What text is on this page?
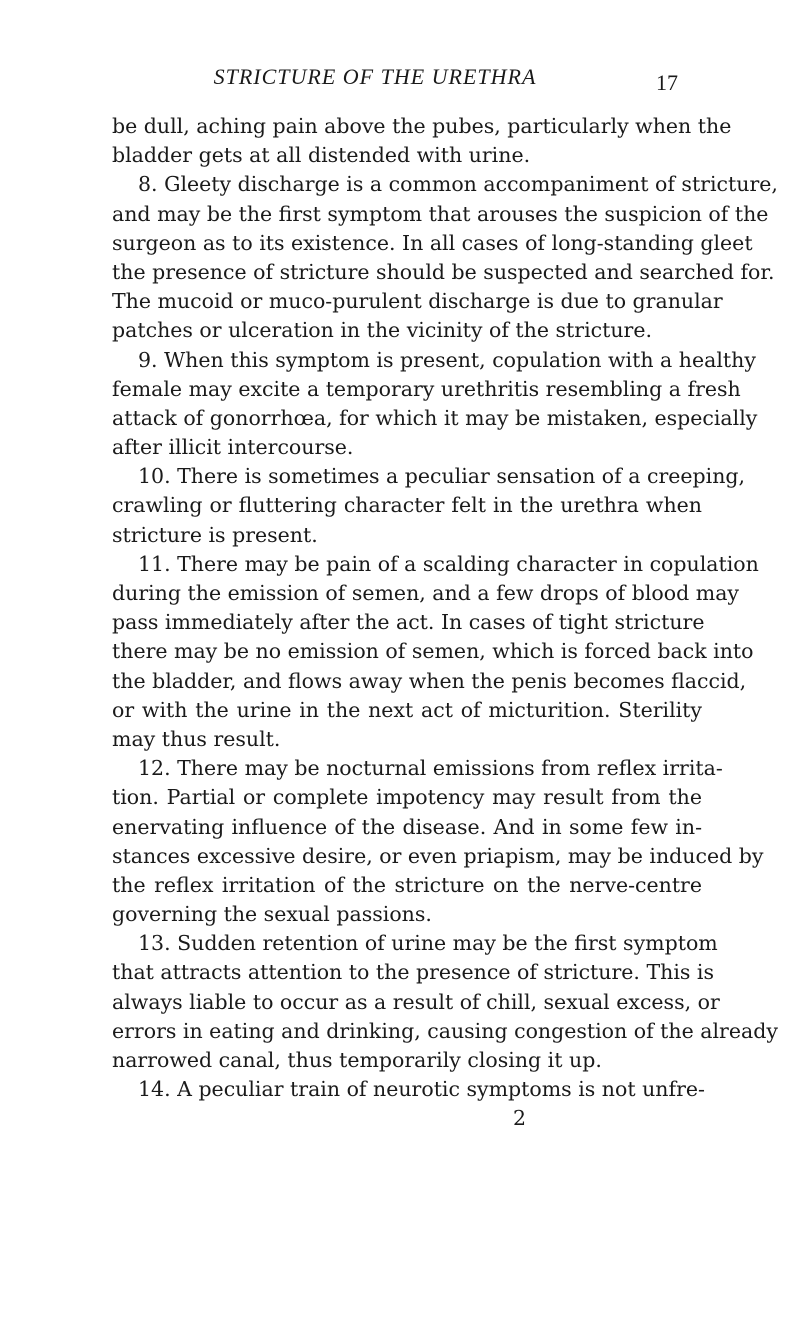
STRICTURE OF THE URETHRA	17
be dull, aching pain above the pubes, particularly when the
bladder gets at all distended with urine.
8. Gleety discharge is a common accompaniment of stricture,
and may be the first symptom that arouses the suspicion of the
surgeon as to its existence. In all cases of long-standing gleet
the presence of stricture should be suspected and searched for.
The mucoid or muco-purulent discharge is due to granular
patches or ulceration in the vicinity of the stricture.
9. When this symptom is present, copulation with a healthy
female may excite a temporary urethritis resembling a fresh
attack of gonorrhœa, for which it may be mistaken, especially
after illicit intercourse.
10. There is sometimes a peculiar sensation of a creeping,
crawling or fluttering character felt in the urethra when
stricture is present.
11. There may be pain of a scalding character in copulation
during the emission of semen, and a few drops of blood may
pass immediately after the act. In cases of tight stricture
there may be no emission of semen, which is forced back into
the bladder, and flows away when the penis becomes flaccid,
or with the urine in the next act of micturition. Sterility
may thus result.
12. There may be nocturnal emissions from reflex irrita-
tion. Partial or complete impotency may result from the
enervating influence of the disease. And in some few in-
stances excessive desire, or even priapism, may be induced by
the reflex irritation of the stricture on the nerve-centre
governing the sexual passions.
13. Sudden retention of urine may be the first symptom
that attracts attention to the presence of stricture. This is
always liable to occur as a result of chill, sexual excess, or
errors in eating and drinking, causing congestion of the already
narrowed canal, thus temporarily closing it up.
14. A peculiar train of neurotic symptoms is not unfre-
2
